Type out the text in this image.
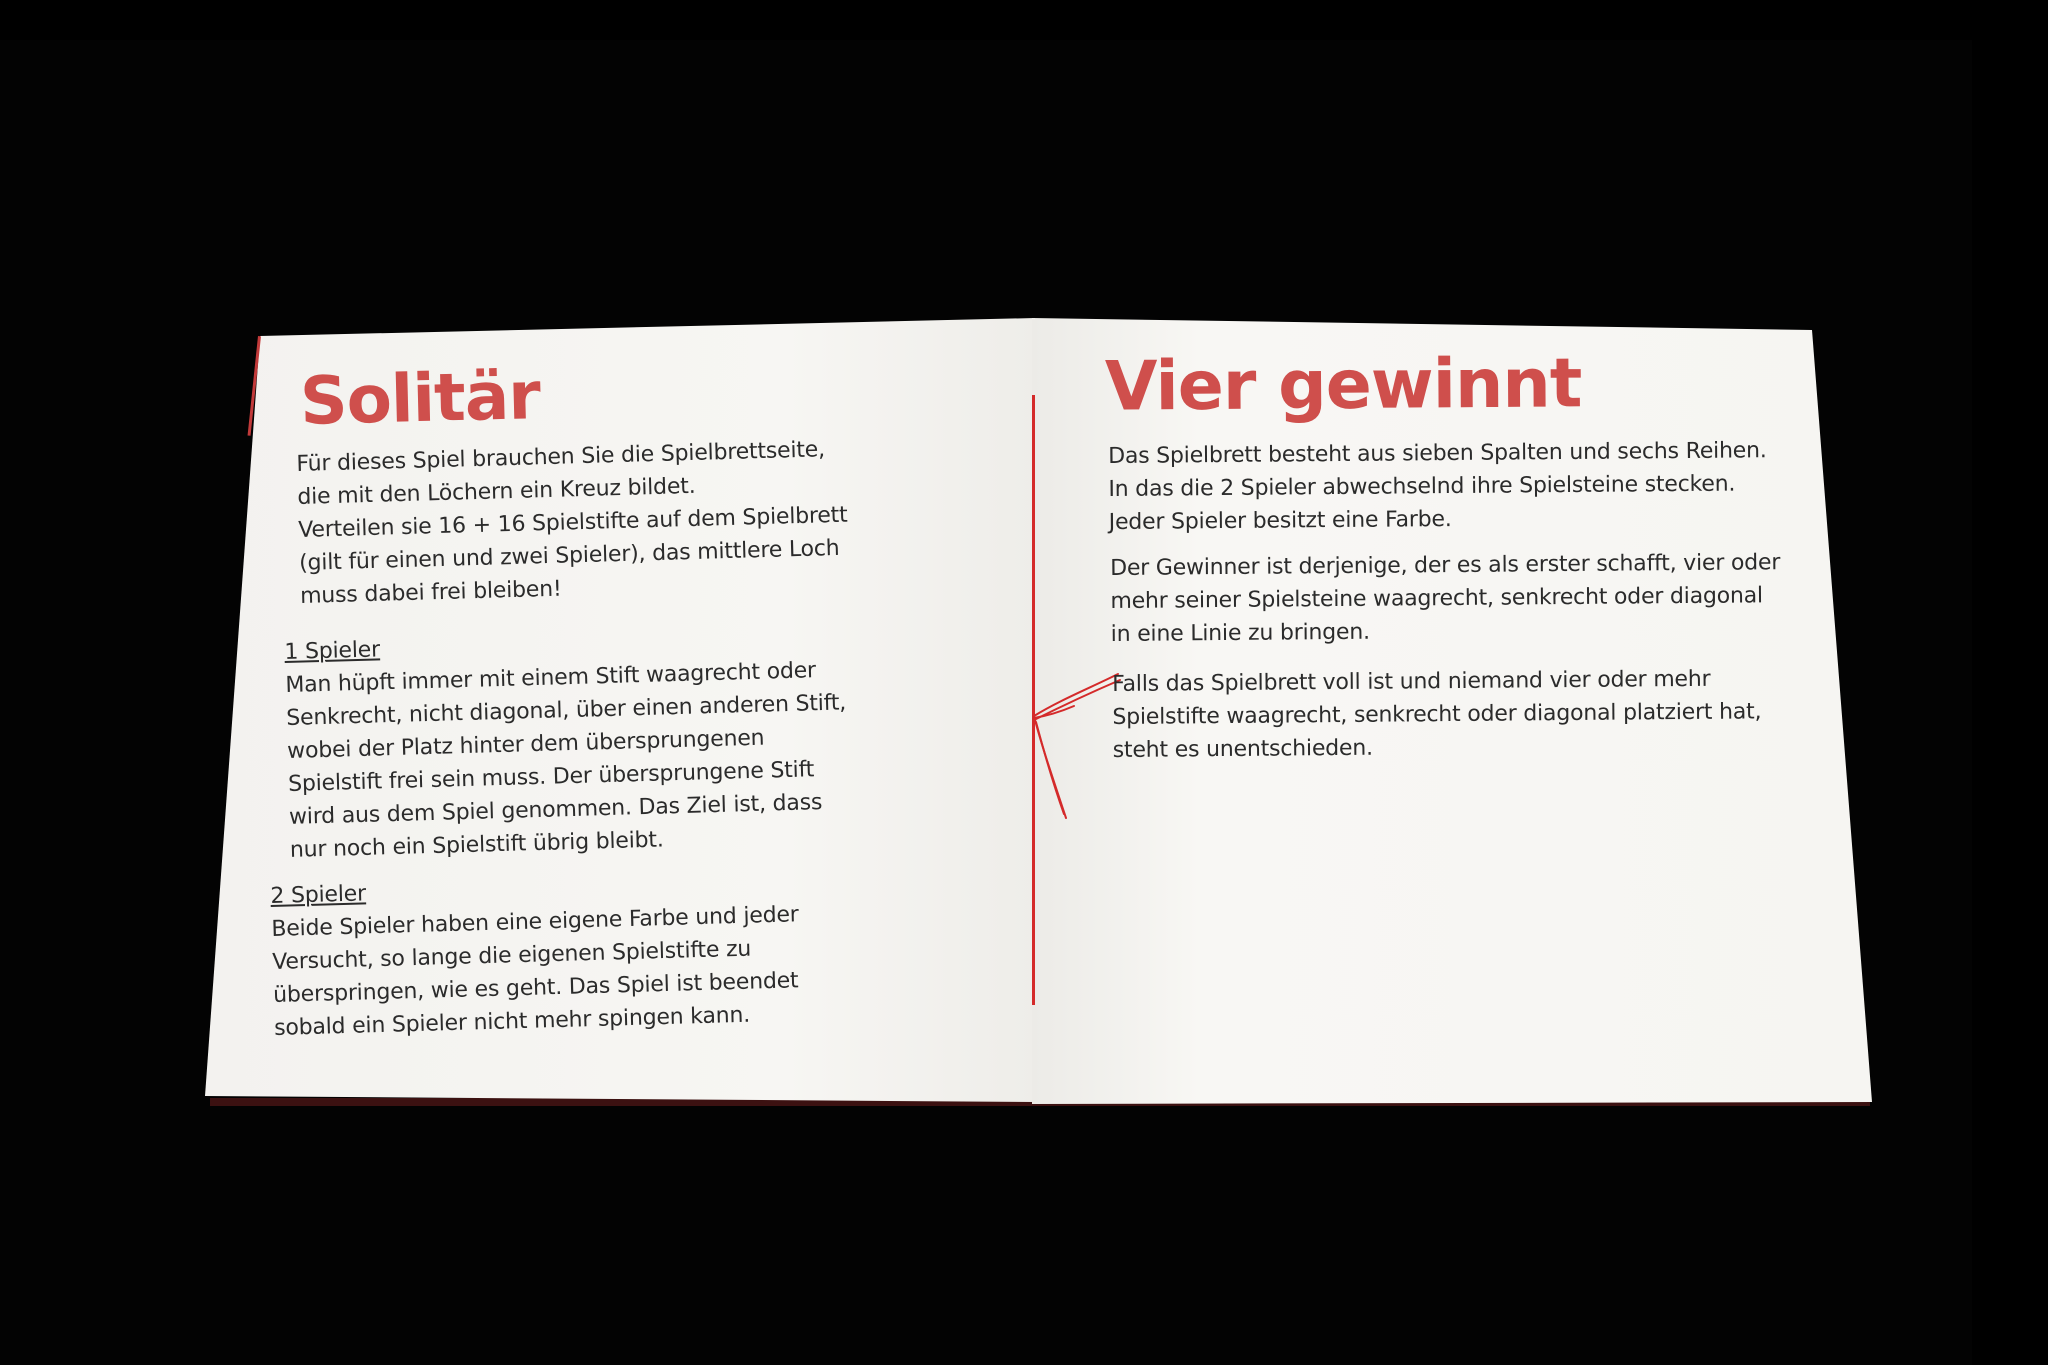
Solitär
Für dieses Spiel brauchen Sie die Spielbrettseite,
die mit den Löchern ein Kreuz bildet.
Verteilen sie 16 + 16 Spielstifte auf dem Spielbrett
(gilt für einen und zwei Spieler), das mittlere Loch
muss dabei frei bleiben!
1 Spieler
Man hüpft immer mit einem Stift waagrecht oder
Senkrecht, nicht diagonal, über einen anderen Stift,
wobei der Platz hinter dem übersprungenen
Spielstift frei sein muss. Der übersprungene Stift
wird aus dem Spiel genommen. Das Ziel ist, dass
nur noch ein Spielstift übrig bleibt.
2 Spieler
Beide Spieler haben eine eigene Farbe und jeder
Versucht, so lange die eigenen Spielstifte zu
überspringen, wie es geht. Das Spiel ist beendet
sobald ein Spieler nicht mehr spingen kann.
Vier gewinnt
Das Spielbrett besteht aus sieben Spalten und sechs Reihen.
In das die 2 Spieler abwechselnd ihre Spielsteine stecken.
Jeder Spieler besitzt eine Farbe.
Der Gewinner ist derjenige, der es als erster schafft, vier oder
mehr seiner Spielsteine waagrecht, senkrecht oder diagonal
in eine Linie zu bringen.
Falls das Spielbrett voll ist und niemand vier oder mehr
Spielstifte waagrecht, senkrecht oder diagonal platziert hat,
steht es unentschieden.
